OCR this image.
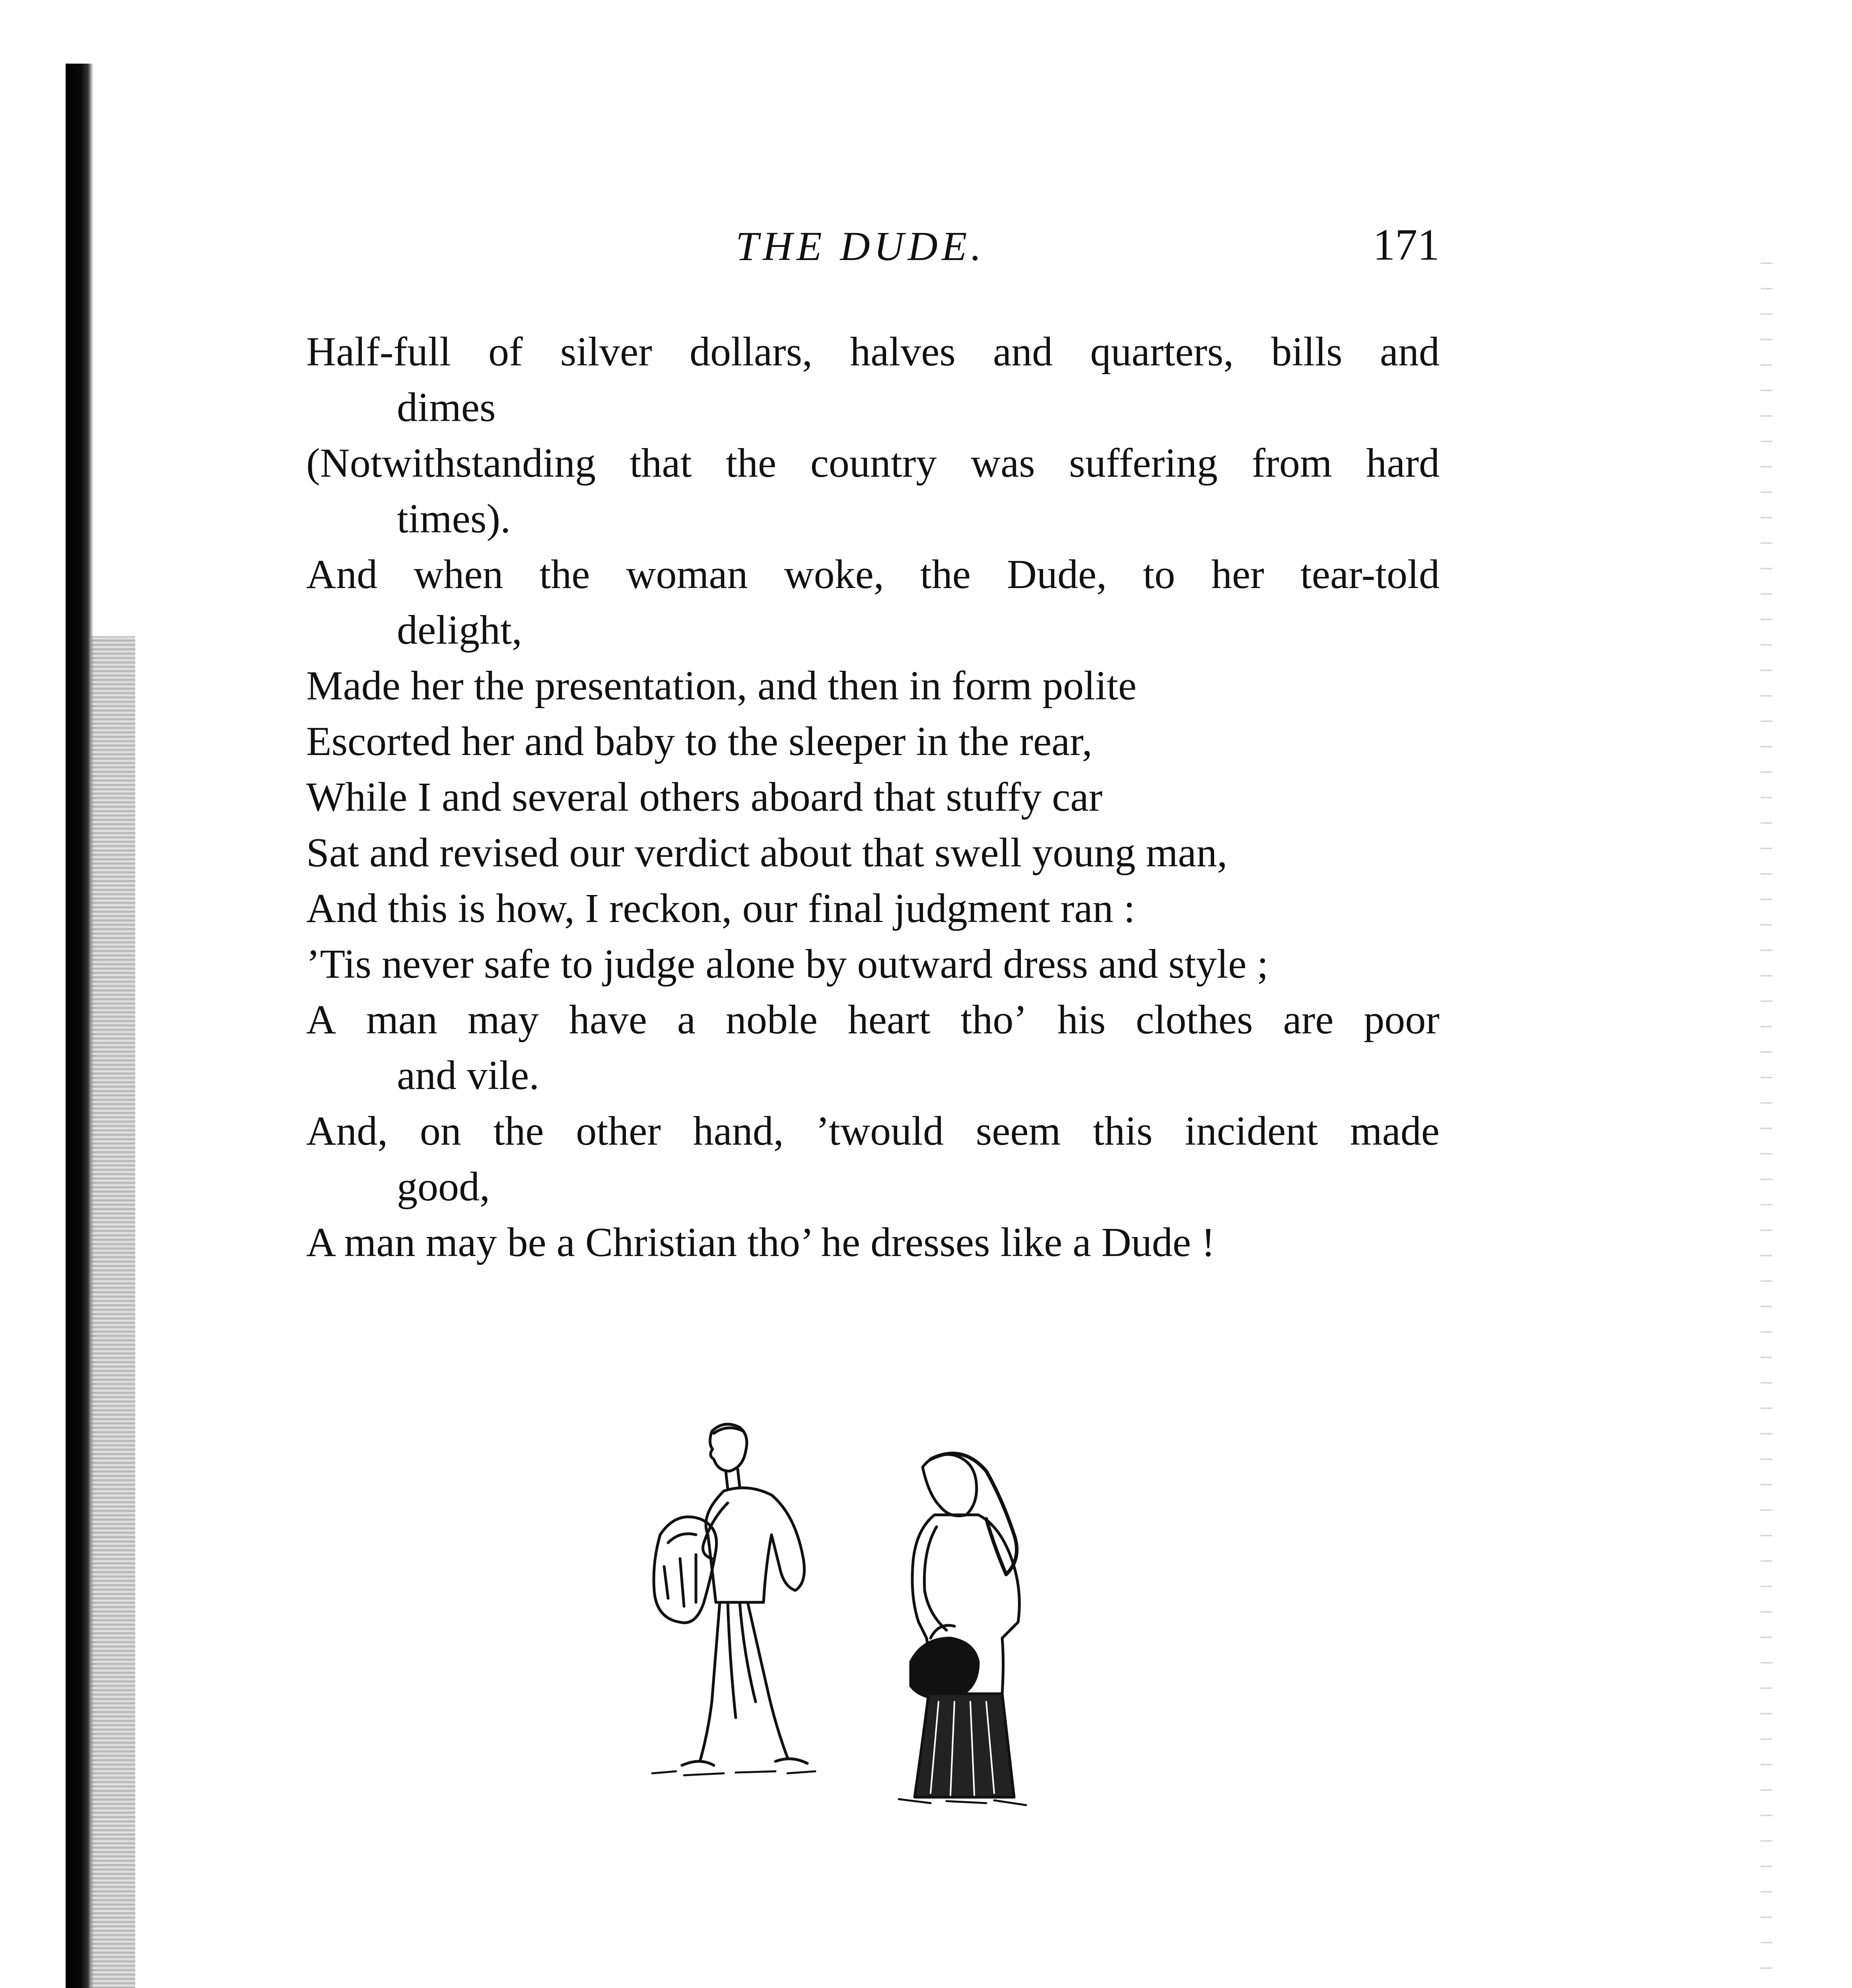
THE DUDE.	171
Half-full of silver dollars, halves and quarters, bills and
dimes
(Notwithstanding that the country was suffering from hard
times).
And when the woman woke, the Dude, to her tear-told
delight,
Made her the presentation, and then in form polite
Escorted her and baby to the sleeper in the rear,
While I and several others aboard that stuffy car
Sat and revised our verdict about that swell young man,
And this is how, I reckon, our final judgment ran :
’Tis never safe to judge alone by outward dress and style ;
A man may have a noble heart tho’ his clothes are poor
and vile.
And, on the other hand, ’twould seem this incident made
good,
A man may be a Christian tho’ he dresses like a Dude !
